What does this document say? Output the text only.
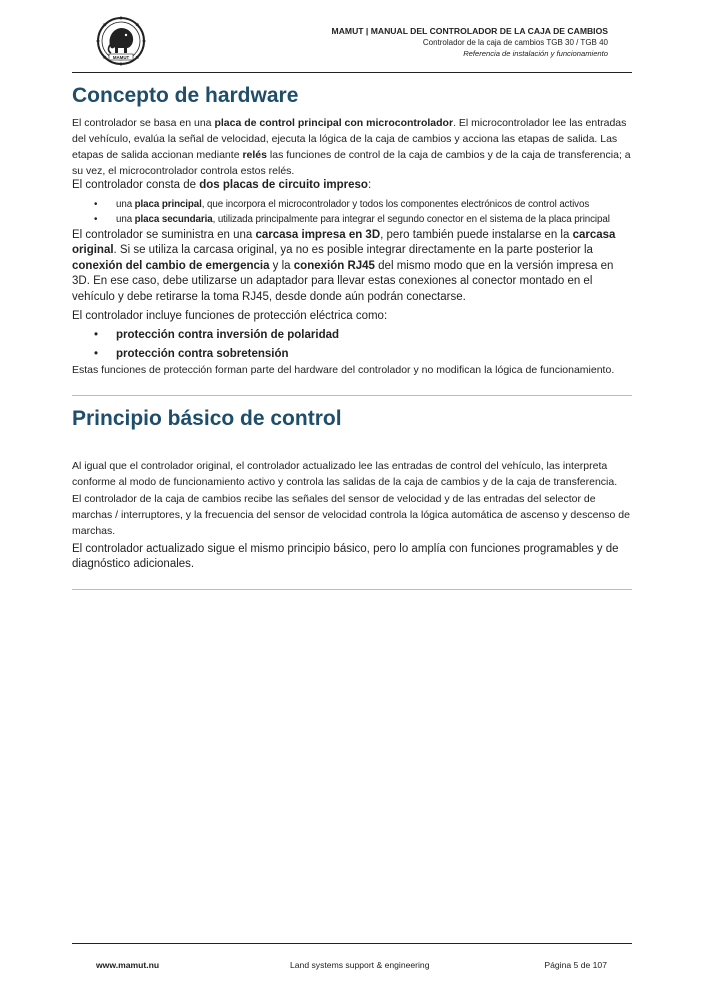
MAMUT
MAMUT | MANUAL DEL CONTROLADOR DE LA CAJA DE CAMBIOS
Controlador de la caja de cambios TGB 30 / TGB 40
Referencia de instalación y funcionamiento
Concepto de hardware

El controlador se basa en una placa de control principal con microcontrolador. El microcontrolador lee las entradas del vehículo, evalúa la señal de velocidad, ejecuta la lógica de la caja de cambios y acciona las etapas de salida. Las etapas de salida accionan mediante relés las funciones de control de la caja de cambios y de la caja de transferencia; a su vez, el microcontrolador controla estos relés.

El controlador consta de dos placas de circuito impreso:

• una placa principal, que incorpora el microcontrolador y todos los componentes electrónicos de control activos
• una placa secundaria, utilizada principalmente para integrar el segundo conector en el sistema de la placa principal

El controlador se suministra en una carcasa impresa en 3D, pero también puede instalarse en la carcasa original. Si se utiliza la carcasa original, ya no es posible integrar directamente en la parte posterior la conexión del cambio de emergencia y la conexión RJ45 del mismo modo que en la versión impresa en 3D. En ese caso, debe utilizarse un adaptador para llevar estas conexiones al conector montado en el vehículo y debe retirarse la toma RJ45, desde donde aún podrán conectarse.

El controlador incluye funciones de protección eléctrica como:

• protección contra inversión de polaridad
• protección contra sobretensión

Estas funciones de protección forman parte del hardware del controlador y no modifican la lógica de funcionamiento.

Principio básico de control

Al igual que el controlador original, el controlador actualizado lee las entradas de control del vehículo, las interpreta conforme al modo de funcionamiento activo y controla las salidas de la caja de cambios y de la caja de transferencia.

El controlador de la caja de cambios recibe las señales del sensor de velocidad y de las entradas del selector de marchas / interruptores, y la frecuencia del sensor de velocidad controla la lógica automática de ascenso y descenso de marchas.

El controlador actualizado sigue el mismo principio básico, pero lo amplía con funciones programables y de diagnóstico adicionales.

www.mamut.nu	Land systems support & engineering	Página 5 de 107
